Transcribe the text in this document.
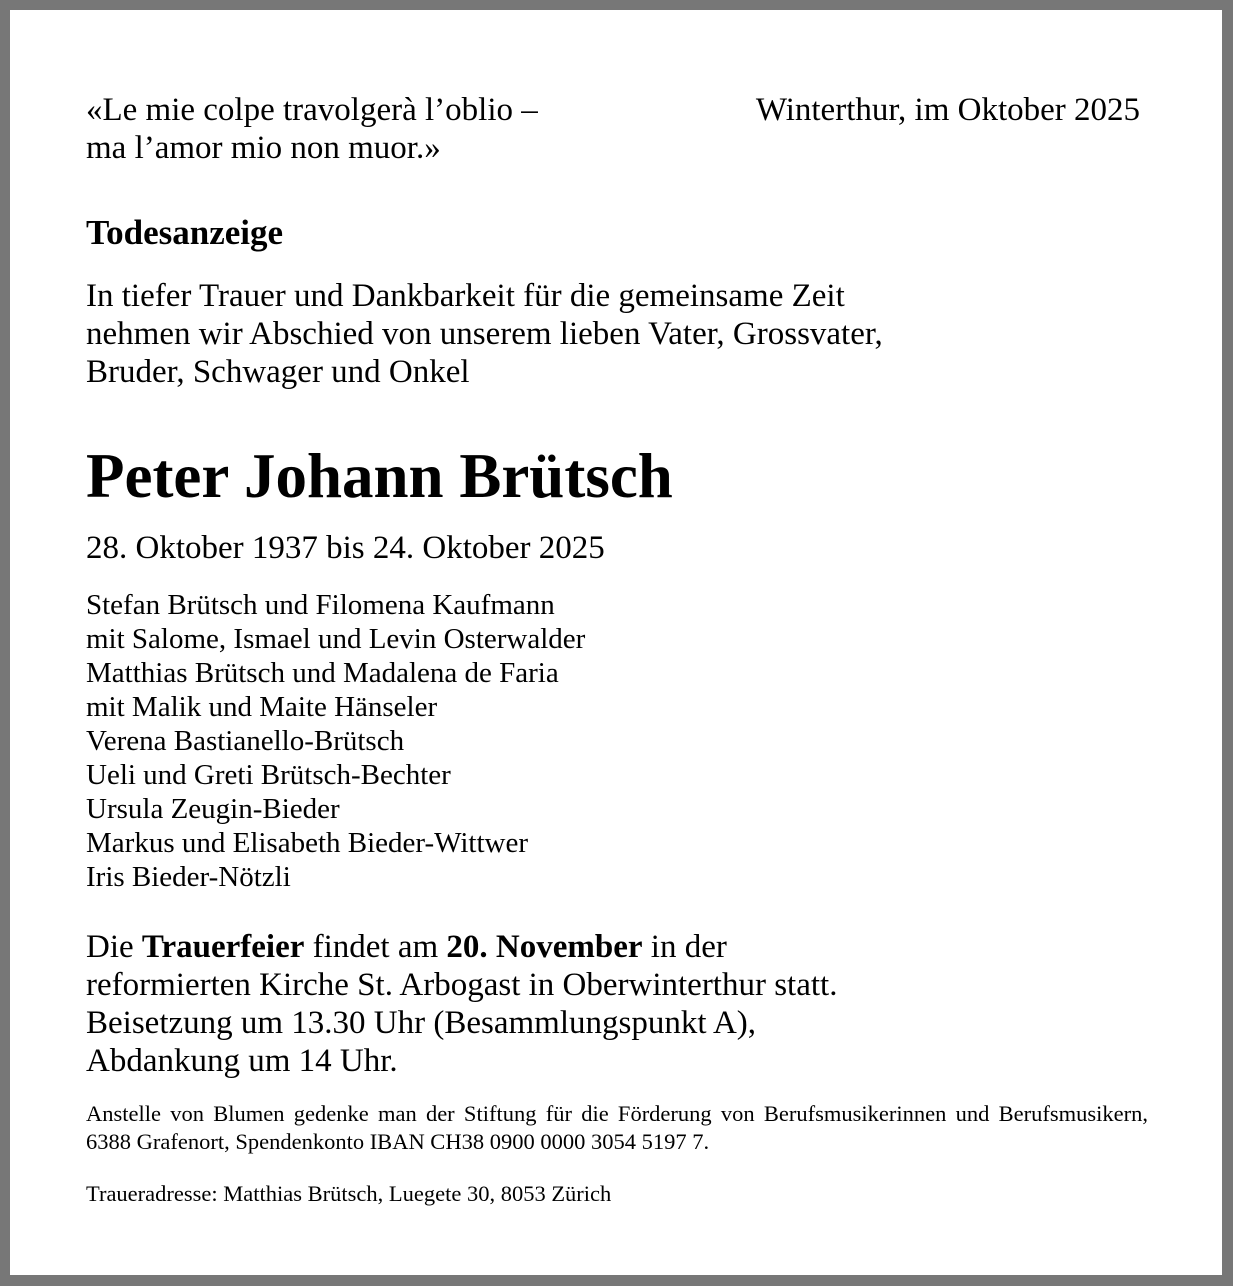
«Le mie colpe travolgerà l’oblio –
ma l’amor mio non muor.»
Winterthur, im Oktober 2025
Todesanzeige
In tiefer Trauer und Dankbarkeit für die gemeinsame Zeit
nehmen wir Abschied von unserem lieben Vater, Grossvater,
Bruder, Schwager und Onkel
Peter Johann Brütsch
28. Oktober 1937 bis 24. Oktober 2025
Stefan Brütsch und Filomena Kaufmann
mit Salome, Ismael und Levin Osterwalder
Matthias Brütsch und Madalena de Faria
mit Malik und Maite Hänseler
Verena Bastianello-Brütsch
Ueli und Greti Brütsch-Bechter
Ursula Zeugin-Bieder
Markus und Elisabeth Bieder-Wittwer
Iris Bieder-Nötzli
Die Trauerfeier findet am 20. November in der
reformierten Kirche St. Arbogast in Oberwinterthur statt.
Beisetzung um 13.30 Uhr (Besammlungspunkt A),
Abdankung um 14 Uhr.

Anstelle von Blumen gedenke man der Stiftung für die Förderung von Berufsmusikerinnen und Berufsmusikern, 6388 Grafenort, Spendenkonto IBAN CH38 0900 0000 3054 5197 7.

Traueradresse: Matthias Brütsch, Luegete 30, 8053 Zürich
